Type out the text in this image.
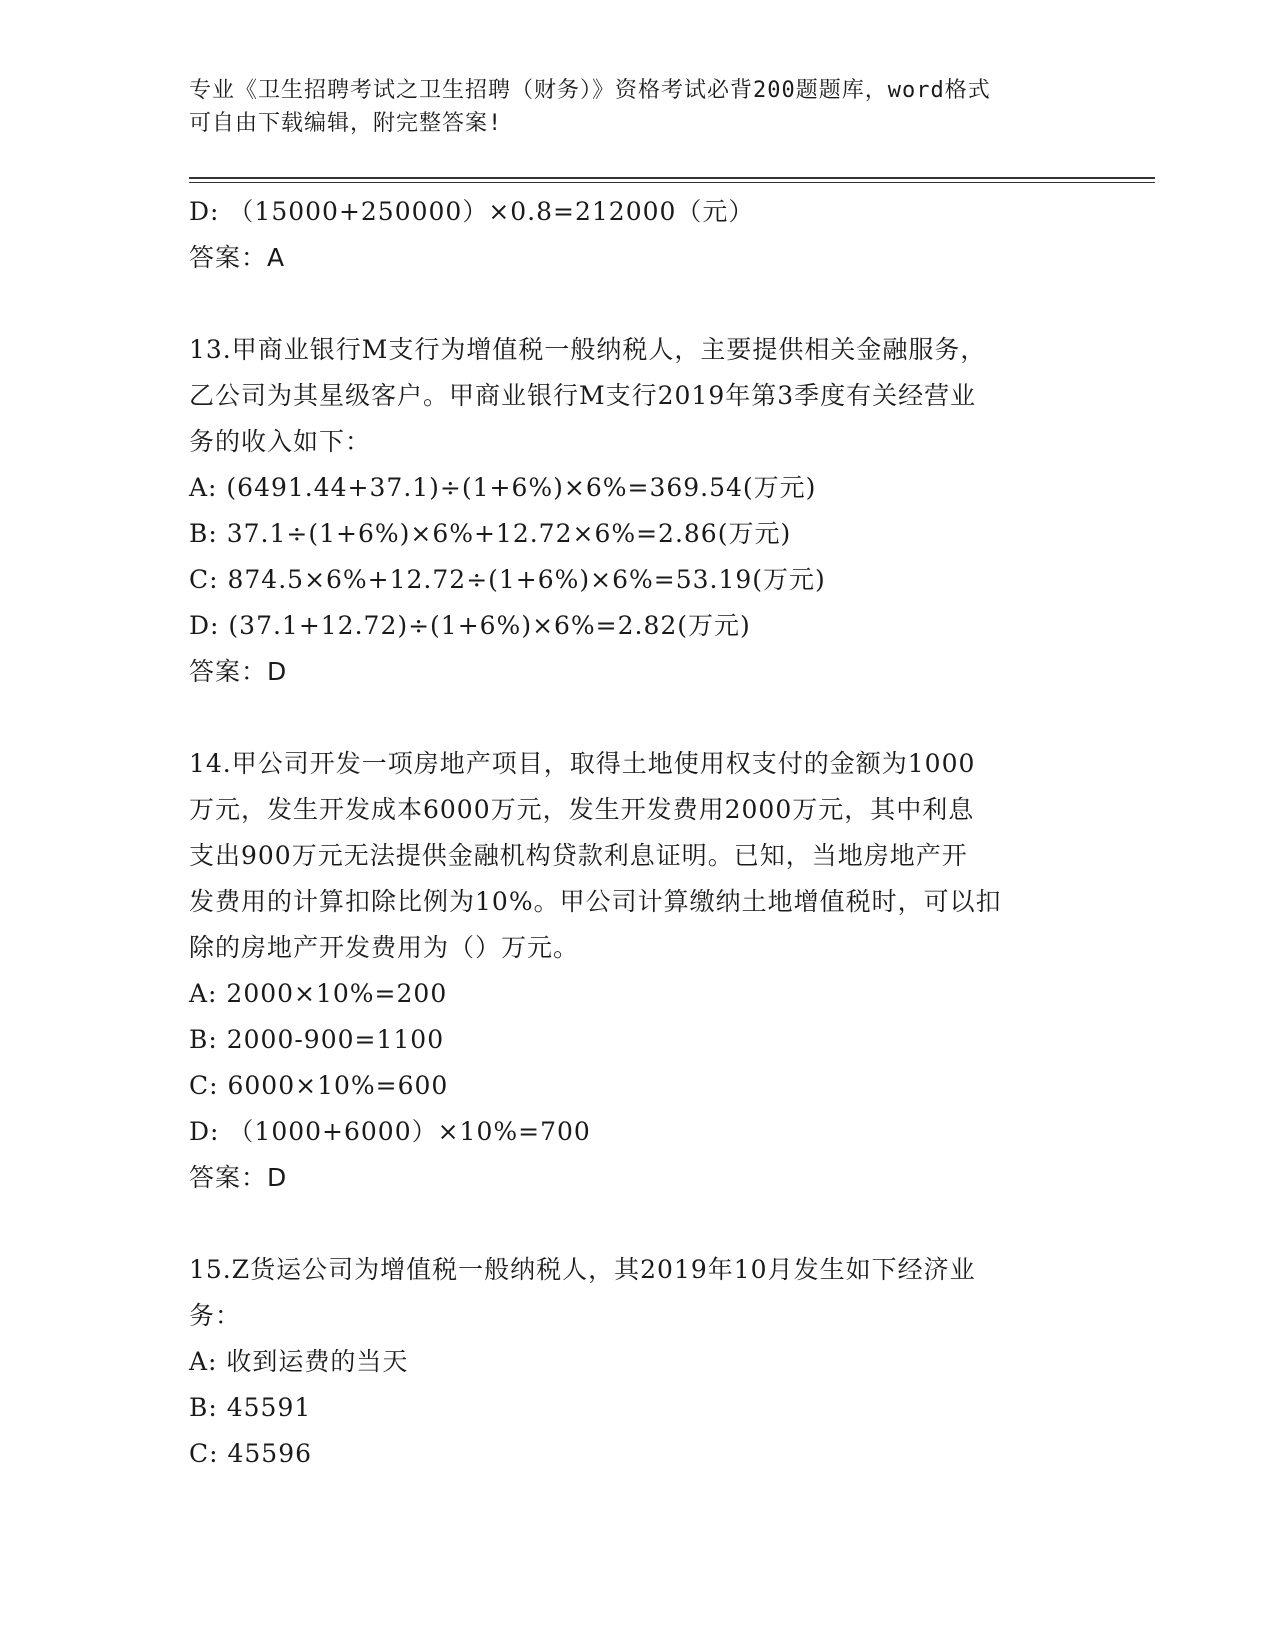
专业《卫生招聘考试之卫生招聘（财务）》资格考试必背200题题库，word格式
可自由下载编辑，附完整答案!
D: （15000+250000）×0.8=212000（元）
答案：A
13.甲商业银行M支行为增值税一般纳税人，主要提供相关金融服务，
乙公司为其星级客户。甲商业银行M支行2019年第3季度有关经营业
务的收入如下：
A: (6491.44+37.1)÷(1+6%)×6%=369.54(万元)
B: 37.1÷(1+6%)×6%+12.72×6%=2.86(万元)
C: 874.5×6%+12.72÷(1+6%)×6%=53.19(万元)
D: (37.1+12.72)÷(1+6%)×6%=2.82(万元)
答案：D
14.甲公司开发一项房地产项目，取得土地使用权支付的金额为1000
万元，发生开发成本6000万元，发生开发费用2000万元，其中利息
支出900万元无法提供金融机构贷款利息证明。已知，当地房地产开
发费用的计算扣除比例为10%。甲公司计算缴纳土地增值税时，可以扣
除的房地产开发费用为（）万元。
A: 2000×10%=200
B: 2000-900=1100
C: 6000×10%=600
D: （1000+6000）×10%=700
答案：D
15.Z货运公司为增值税一般纳税人，其2019年10月发生如下经济业
务：
A: 收到运费的当天
B: 45591
C: 45596
